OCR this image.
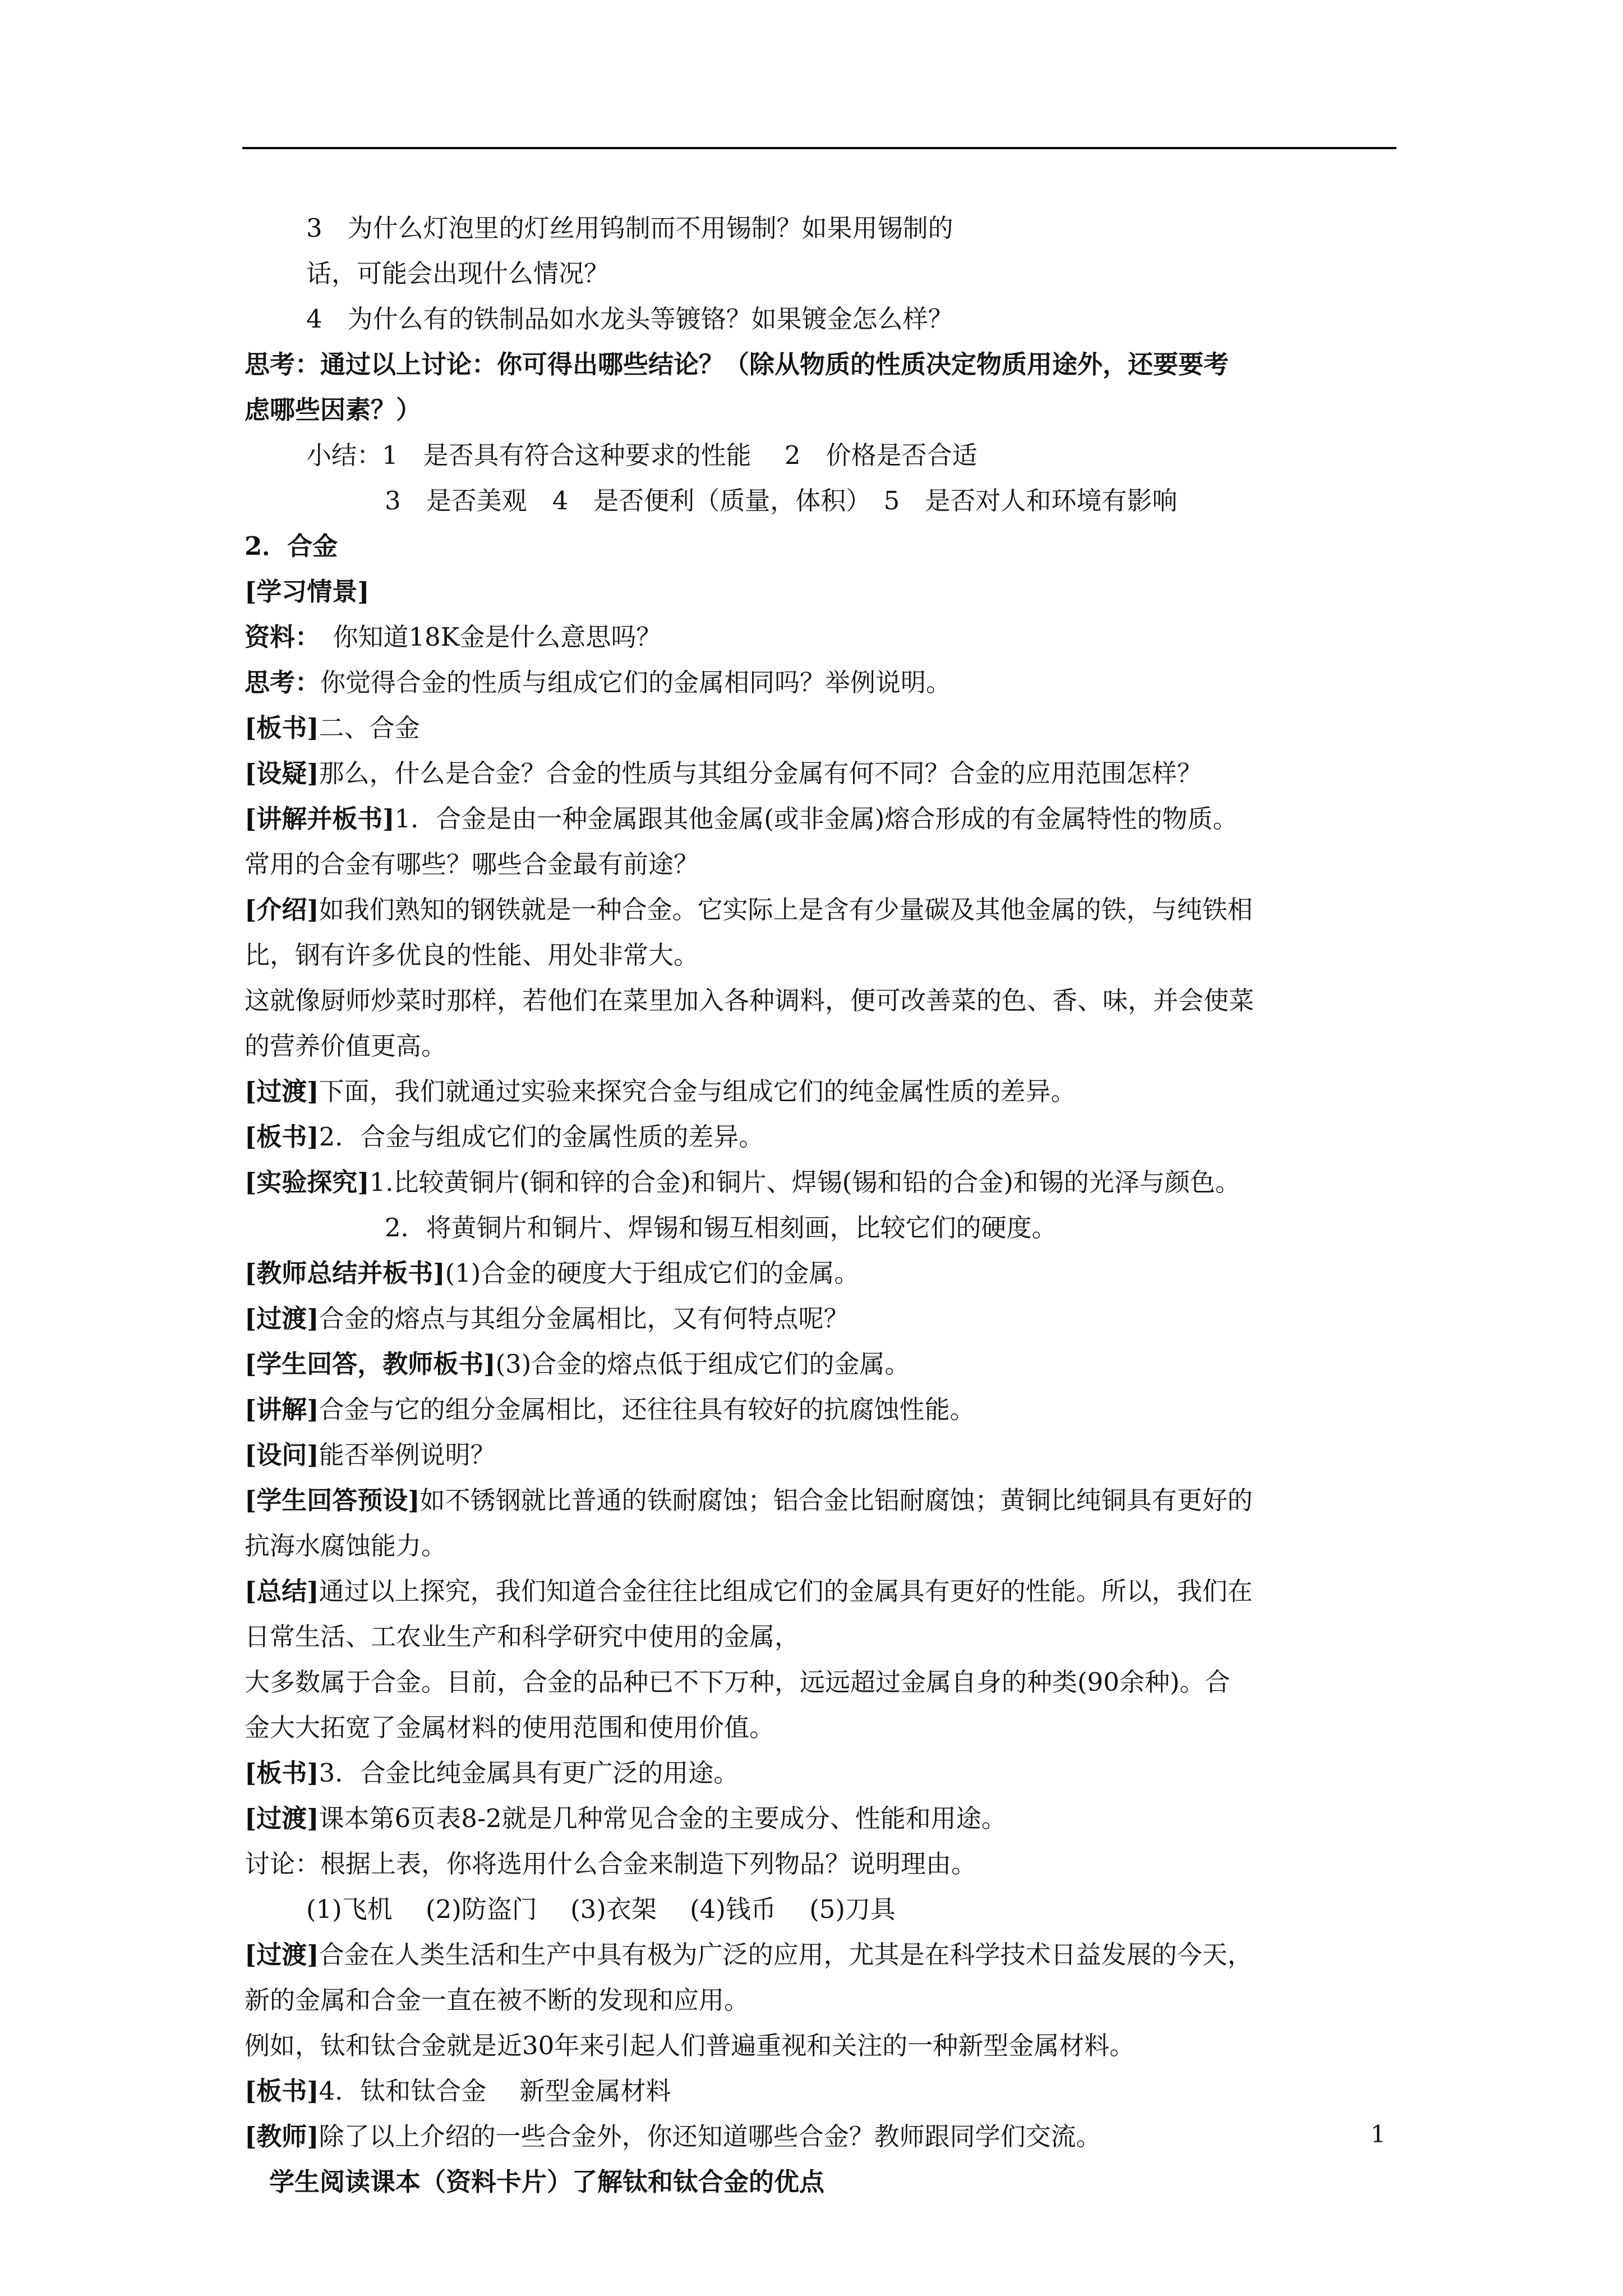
3　为什么灯泡里的灯丝用钨制而不用锡制？如果用锡制的
话，可能会出现什么情况？
4　为什么有的铁制品如水龙头等镀铬？如果镀金怎么样？
思考：通过以上讨论：你可得出哪些结论？（除从物质的性质决定物质用途外，还要要考
虑哪些因素？）
小结：1　是否具有符合这种要求的性能　 2　价格是否合适
3　是否美观　4　是否便利（质量，体积）　5　是否对人和环境有影响
2．合金
[学习情景]
资料：　你知道18K金是什么意思吗？
思考：你觉得合金的性质与组成它们的金属相同吗？举例说明。
[板书]二、合金
[设疑]那么，什么是合金？合金的性质与其组分金属有何不同？合金的应用范围怎样？
[讲解并板书]1．合金是由一种金属跟其他金属(或非金属)熔合形成的有金属特性的物质。
常用的合金有哪些？哪些合金最有前途？
[介绍]如我们熟知的钢铁就是一种合金。它实际上是含有少量碳及其他金属的铁，与纯铁相
比，钢有许多优良的性能、用处非常大。
这就像厨师炒菜时那样，若他们在菜里加入各种调料，便可改善菜的色、香、味，并会使菜
的营养价值更高。
[过渡]下面，我们就通过实验来探究合金与组成它们的纯金属性质的差异。
[板书]2．合金与组成它们的金属性质的差异。
[实验探究]1.比较黄铜片(铜和锌的合金)和铜片、焊锡(锡和铅的合金)和锡的光泽与颜色。
2．将黄铜片和铜片、焊锡和锡互相刻画，比较它们的硬度。
[教师总结并板书](1)合金的硬度大于组成它们的金属。
[过渡]合金的熔点与其组分金属相比，又有何特点呢？
[学生回答，教师板书](3)合金的熔点低于组成它们的金属。
[讲解]合金与它的组分金属相比，还往往具有较好的抗腐蚀性能。
[设问]能否举例说明？
[学生回答预设]如不锈钢就比普通的铁耐腐蚀；铝合金比铝耐腐蚀；黄铜比纯铜具有更好的
抗海水腐蚀能力。
[总结]通过以上探究，我们知道合金往往比组成它们的金属具有更好的性能。所以，我们在
日常生活、工农业生产和科学研究中使用的金属，
大多数属于合金。目前，合金的品种已不下万种，远远超过金属自身的种类(90余种)。合
金大大拓宽了金属材料的使用范围和使用价值。
[板书]3．合金比纯金属具有更广泛的用途。
[过渡]课本第6页表8-2就是几种常见合金的主要成分、性能和用途。
讨论：根据上表，你将选用什么合金来制造下列物品？说明理由。
(1)飞机　 (2)防盗门　 (3)衣架　 (4)钱币　 (5)刀具
[过渡]合金在人类生活和生产中具有极为广泛的应用，尤其是在科学技术日益发展的今天，
新的金属和合金一直在被不断的发现和应用。
例如，钛和钛合金就是近30年来引起人们普遍重视和关注的一种新型金属材料。
[板书]4．钛和钛合金　 新型金属材料
[教师]除了以上介绍的一些合金外，你还知道哪些合金？教师跟同学们交流。
学生阅读课本（资料卡片）了解钛和钛合金的优点
1
